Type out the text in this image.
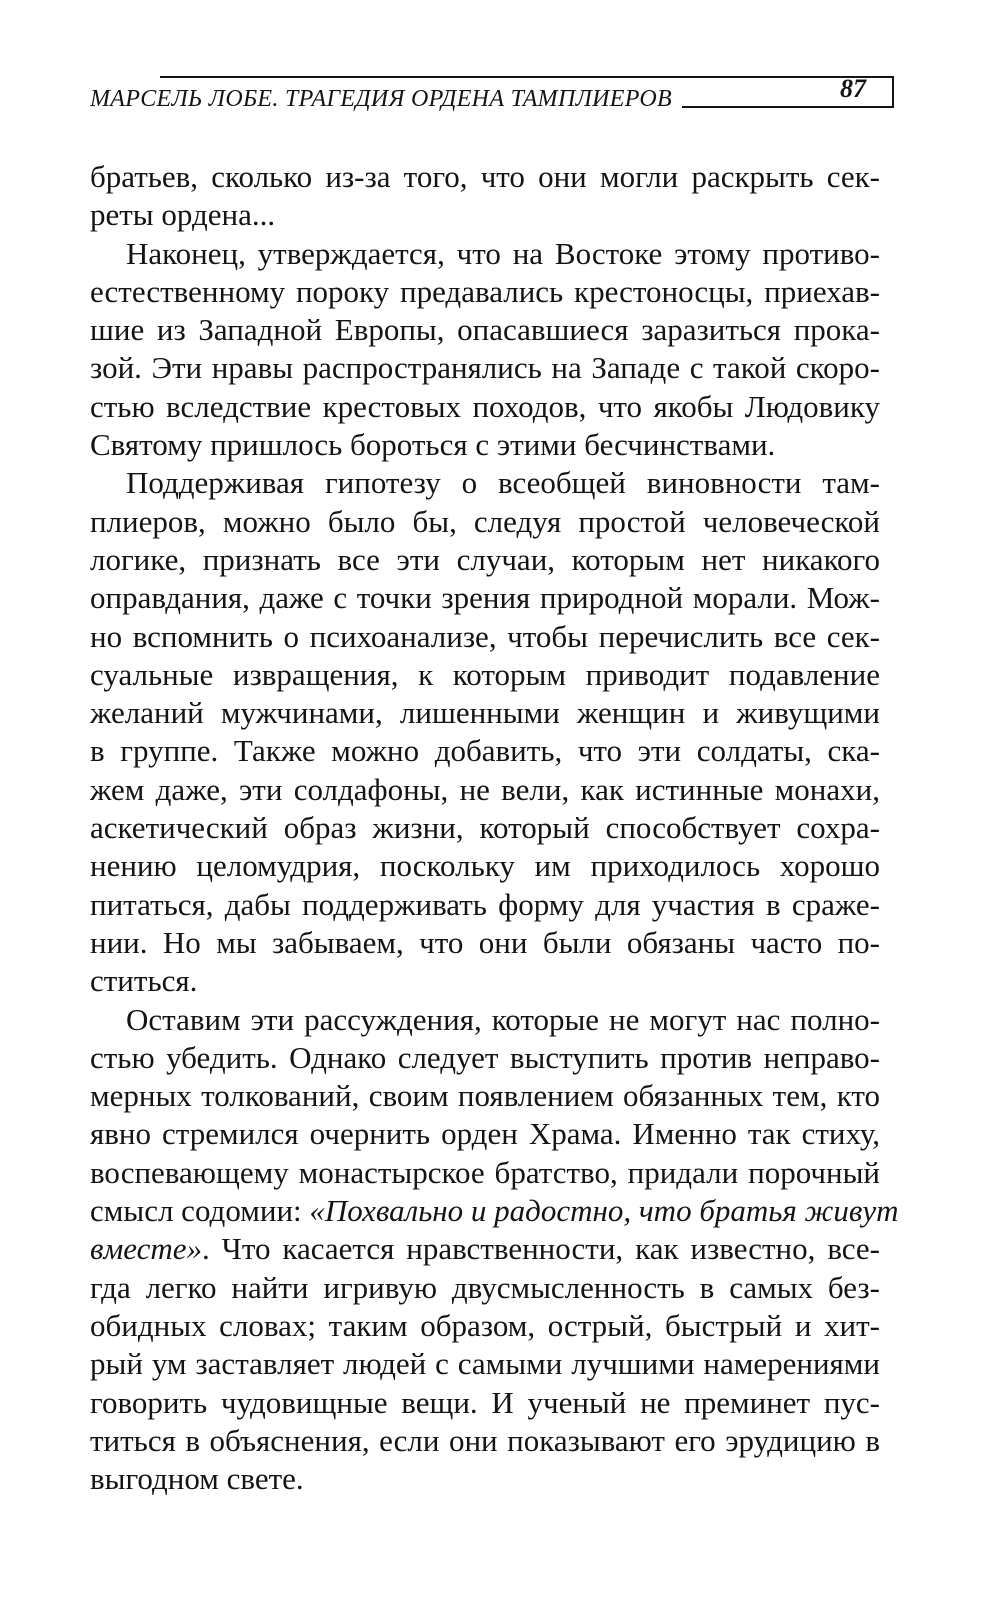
МАРСЕЛЬ ЛОБЕ. ТРАГЕДИЯ ОРДЕНА ТАМПЛИЕРОВ	87
братьев, сколько из-за того, что они могли раскрыть сек-
реты ордена...
Наконец, утверждается, что на Востоке этому противо-
естественному пороку предавались крестоносцы, приехав-
шие из Западной Европы, опасавшиеся заразиться прока-
зой. Эти нравы распространялись на Западе с такой скоро-
стью вследствие крестовых походов, что якобы Людовику
Святому пришлось бороться с этими бесчинствами.
Поддерживая гипотезу о всеобщей виновности там-
плиеров, можно было бы, следуя простой человеческой
логике, признать все эти случаи, которым нет никакого
оправдания, даже с точки зрения природной морали. Мож-
но вспомнить о психоанализе, чтобы перечислить все сек-
суальные извращения, к которым приводит подавление
желаний мужчинами, лишенными женщин и живущими
в группе. Также можно добавить, что эти солдаты, ска-
жем даже, эти солдафоны, не вели, как истинные монахи,
аскетический образ жизни, который способствует сохра-
нению целомудрия, поскольку им приходилось хорошо
питаться, дабы поддерживать форму для участия в сраже-
нии. Но мы забываем, что они были обязаны часто по-
ститься.
Оставим эти рассуждения, которые не могут нас полно-
стью убедить. Однако следует выступить против неправо-
мерных толкований, своим появлением обязанных тем, кто
явно стремился очернить орден Храма. Именно так стиху,
воспевающему монастырское братство, придали порочный
смысл содомии: «Похвально и радостно, что братья живут
вместе». Что касается нравственности, как известно, все-
гда легко найти игривую двусмысленность в самых без-
обидных словах; таким образом, острый, быстрый и хит-
рый ум заставляет людей с самыми лучшими намерениями
говорить чудовищные вещи. И ученый не преминет пус-
титься в объяснения, если они показывают его эрудицию в
выгодном свете.
